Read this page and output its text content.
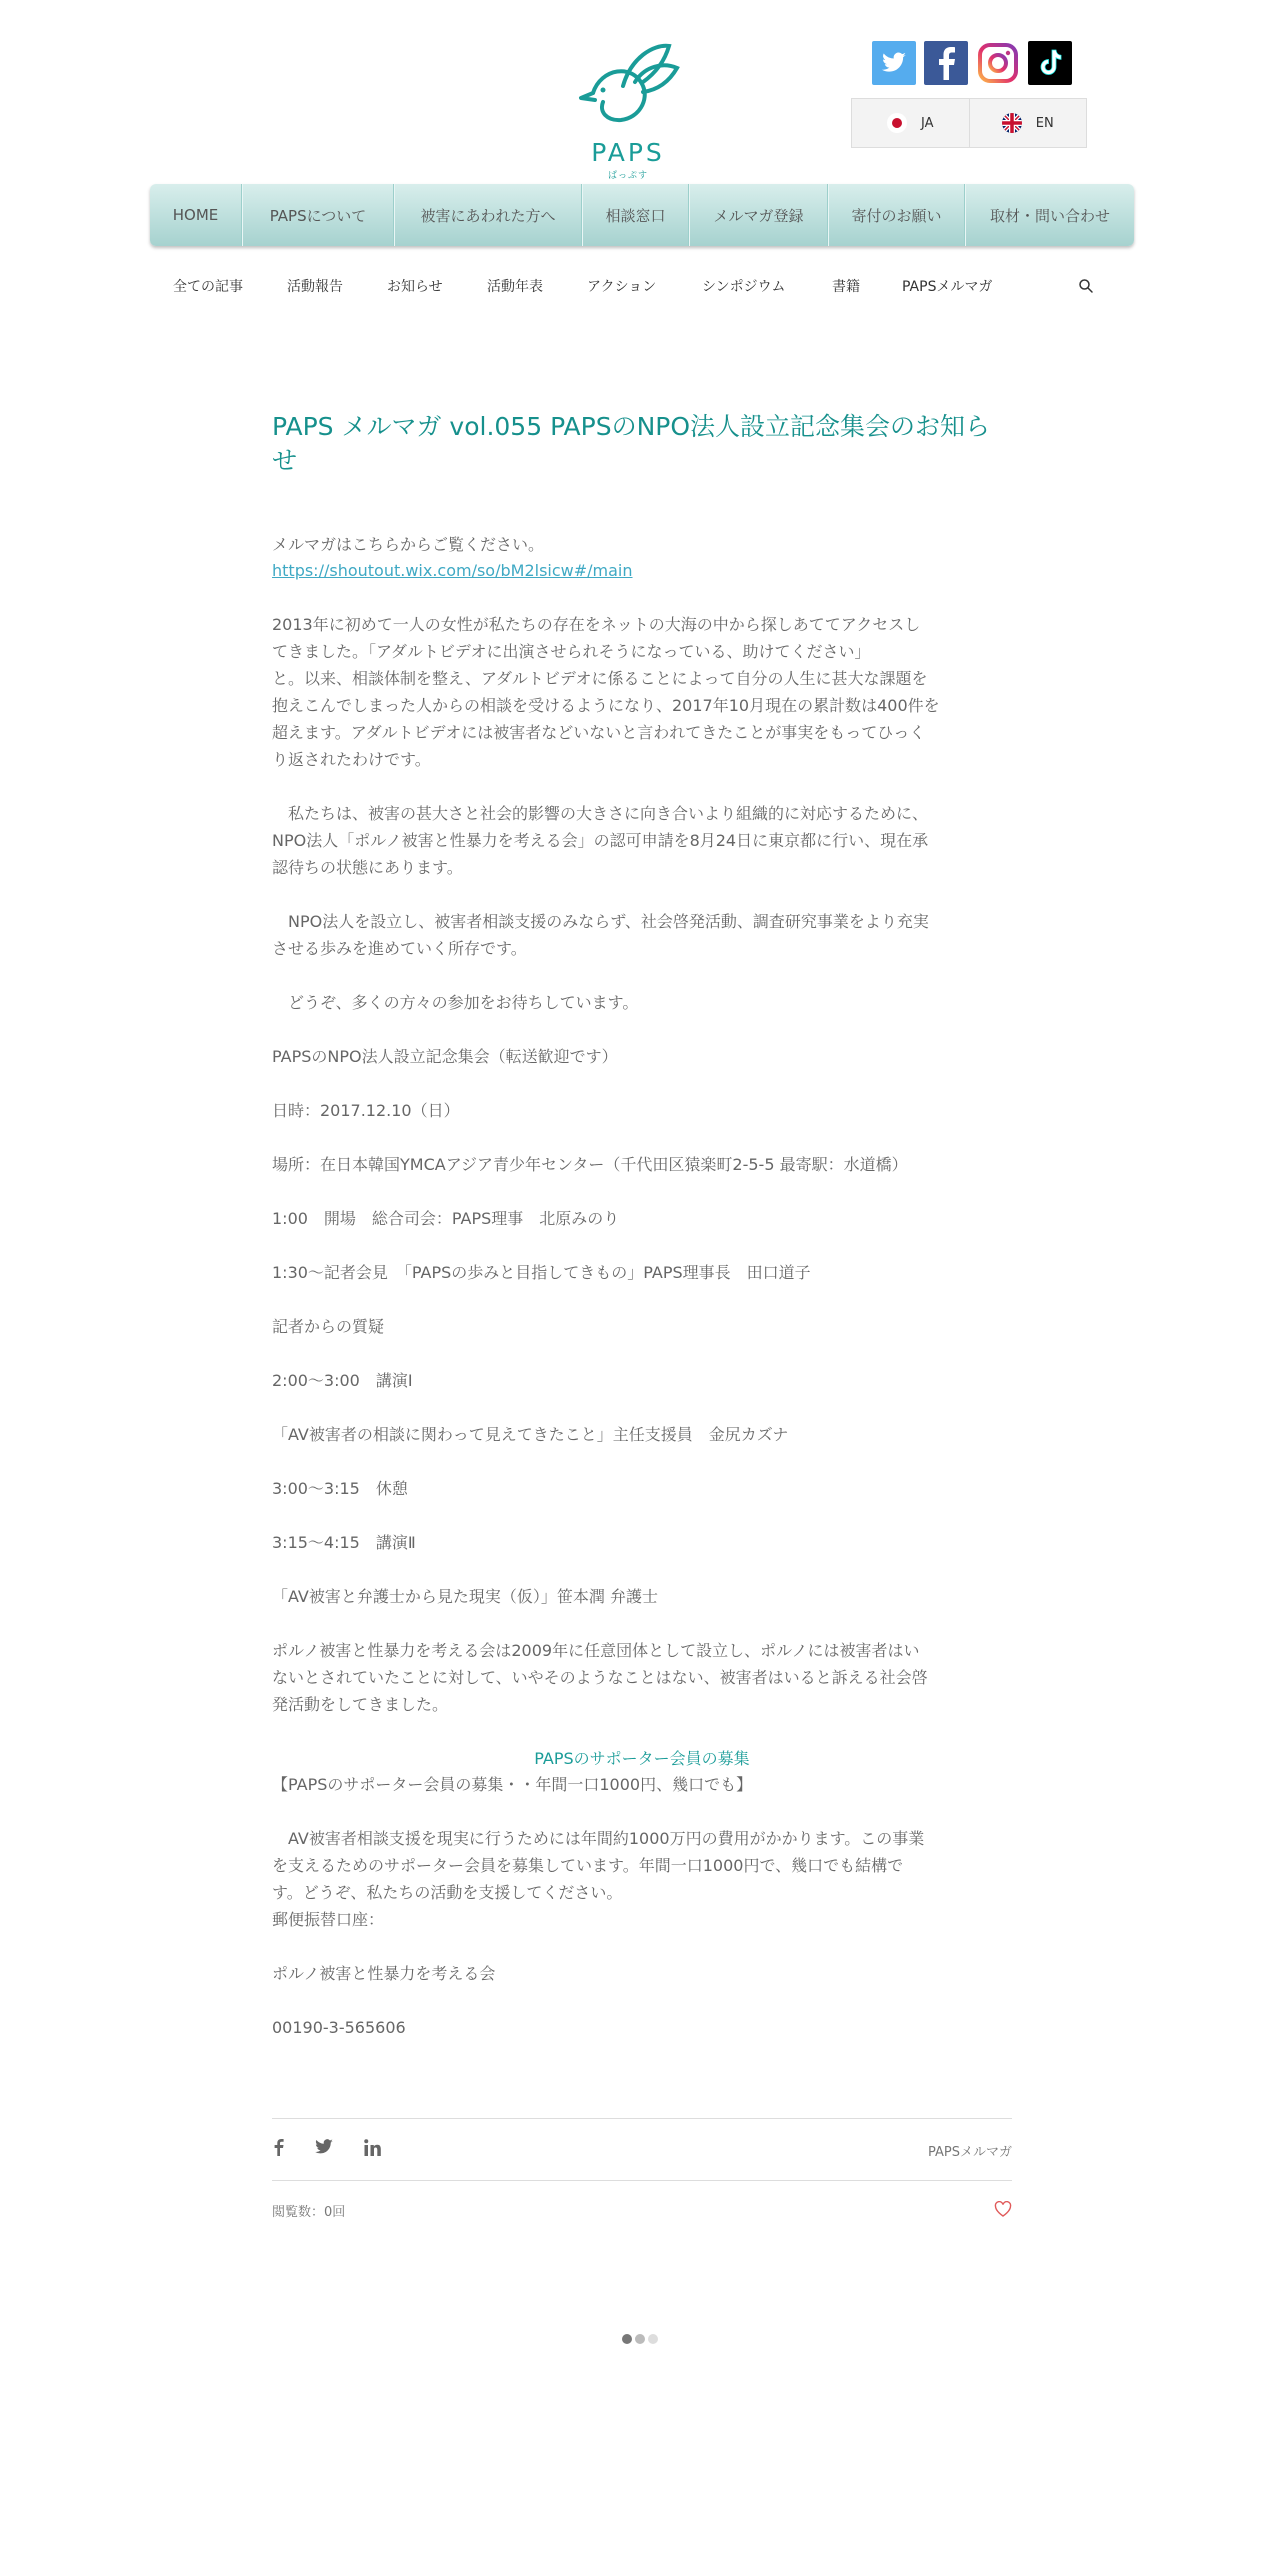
PAPS
ぱっぷす
JA	EN
HOME	PAPSについて	被害にあわれた方へ	相談窓口	メルマガ登録	寄付のお願い	取材・問い合わせ
全ての記事	活動報告	お知らせ	活動年表	アクション	シンポジウム	書籍	PAPSメルマガ
PAPS メルマガ vol.055 PAPSのNPO法人設立記念集会のお知ら
せ
メルマガはこちらからご覧ください。
https://shoutout.wix.com/so/bM2lsicw#/main
2013年に初めて一人の女性が私たちの存在をネットの大海の中から探しあててアクセスし
てきました。「アダルトビデオに出演させられそうになっている、助けてください」
と。以来、相談体制を整え、アダルトビデオに係ることによって自分の人生に甚大な課題を
抱えこんでしまった人からの相談を受けるようになり、2017年10月現在の累計数は400件を
超えます。アダルトビデオには被害者などいないと言われてきたことが事実をもってひっく
り返されたわけです。
　私たちは、被害の甚大さと社会的影響の大きさに向き合いより組織的に対応するために、
NPO法人「ポルノ被害と性暴力を考える会」の認可申請を8月24日に東京都に行い、現在承
認待ちの状態にあります。
　NPO法人を設立し、被害者相談支援のみならず、社会啓発活動、調査研究事業をより充実
させる歩みを進めていく所存です。
　どうぞ、多くの方々の参加をお待ちしています。
PAPSのNPO法人設立記念集会（転送歓迎です）
日時：2017.12.10（日）
場所：在日本韓国YMCAアジア青少年センター（千代田区猿楽町2-5-5 最寄駅：水道橋）
1:00　開場　総合司会：PAPS理事　北原みのり
1:30～記者会見　「PAPSの歩みと目指してきもの」PAPS理事長　田口道子
記者からの質疑
2:00～3:00　講演Ⅰ
「AV被害者の相談に関わって見えてきたこと」主任支援員　金尻カズナ
3:00～3:15　休憩
3:15～4:15　講演Ⅱ
「AV被害と弁護士から見た現実（仮）」笹本潤 弁護士
ポルノ被害と性暴力を考える会は2009年に任意団体として設立し、ポルノには被害者はい
ないとされていたことに対して、いやそのようなことはない、被害者はいると訴える社会啓
発活動をしてきました。
PAPSのサポーター会員の募集
【PAPSのサポーター会員の募集・・年間一口1000円、幾口でも】
　AV被害者相談支援を現実に行うためには年間約1000万円の費用がかかります。この事業
を支えるためのサポーター会員を募集しています。年間一口1000円で、幾口でも結構で
す。どうぞ、私たちの活動を支援してください。
郵便振替口座：
ポルノ被害と性暴力を考える会
00190-3-565606
PAPSメルマガ
閲覧数：0回
